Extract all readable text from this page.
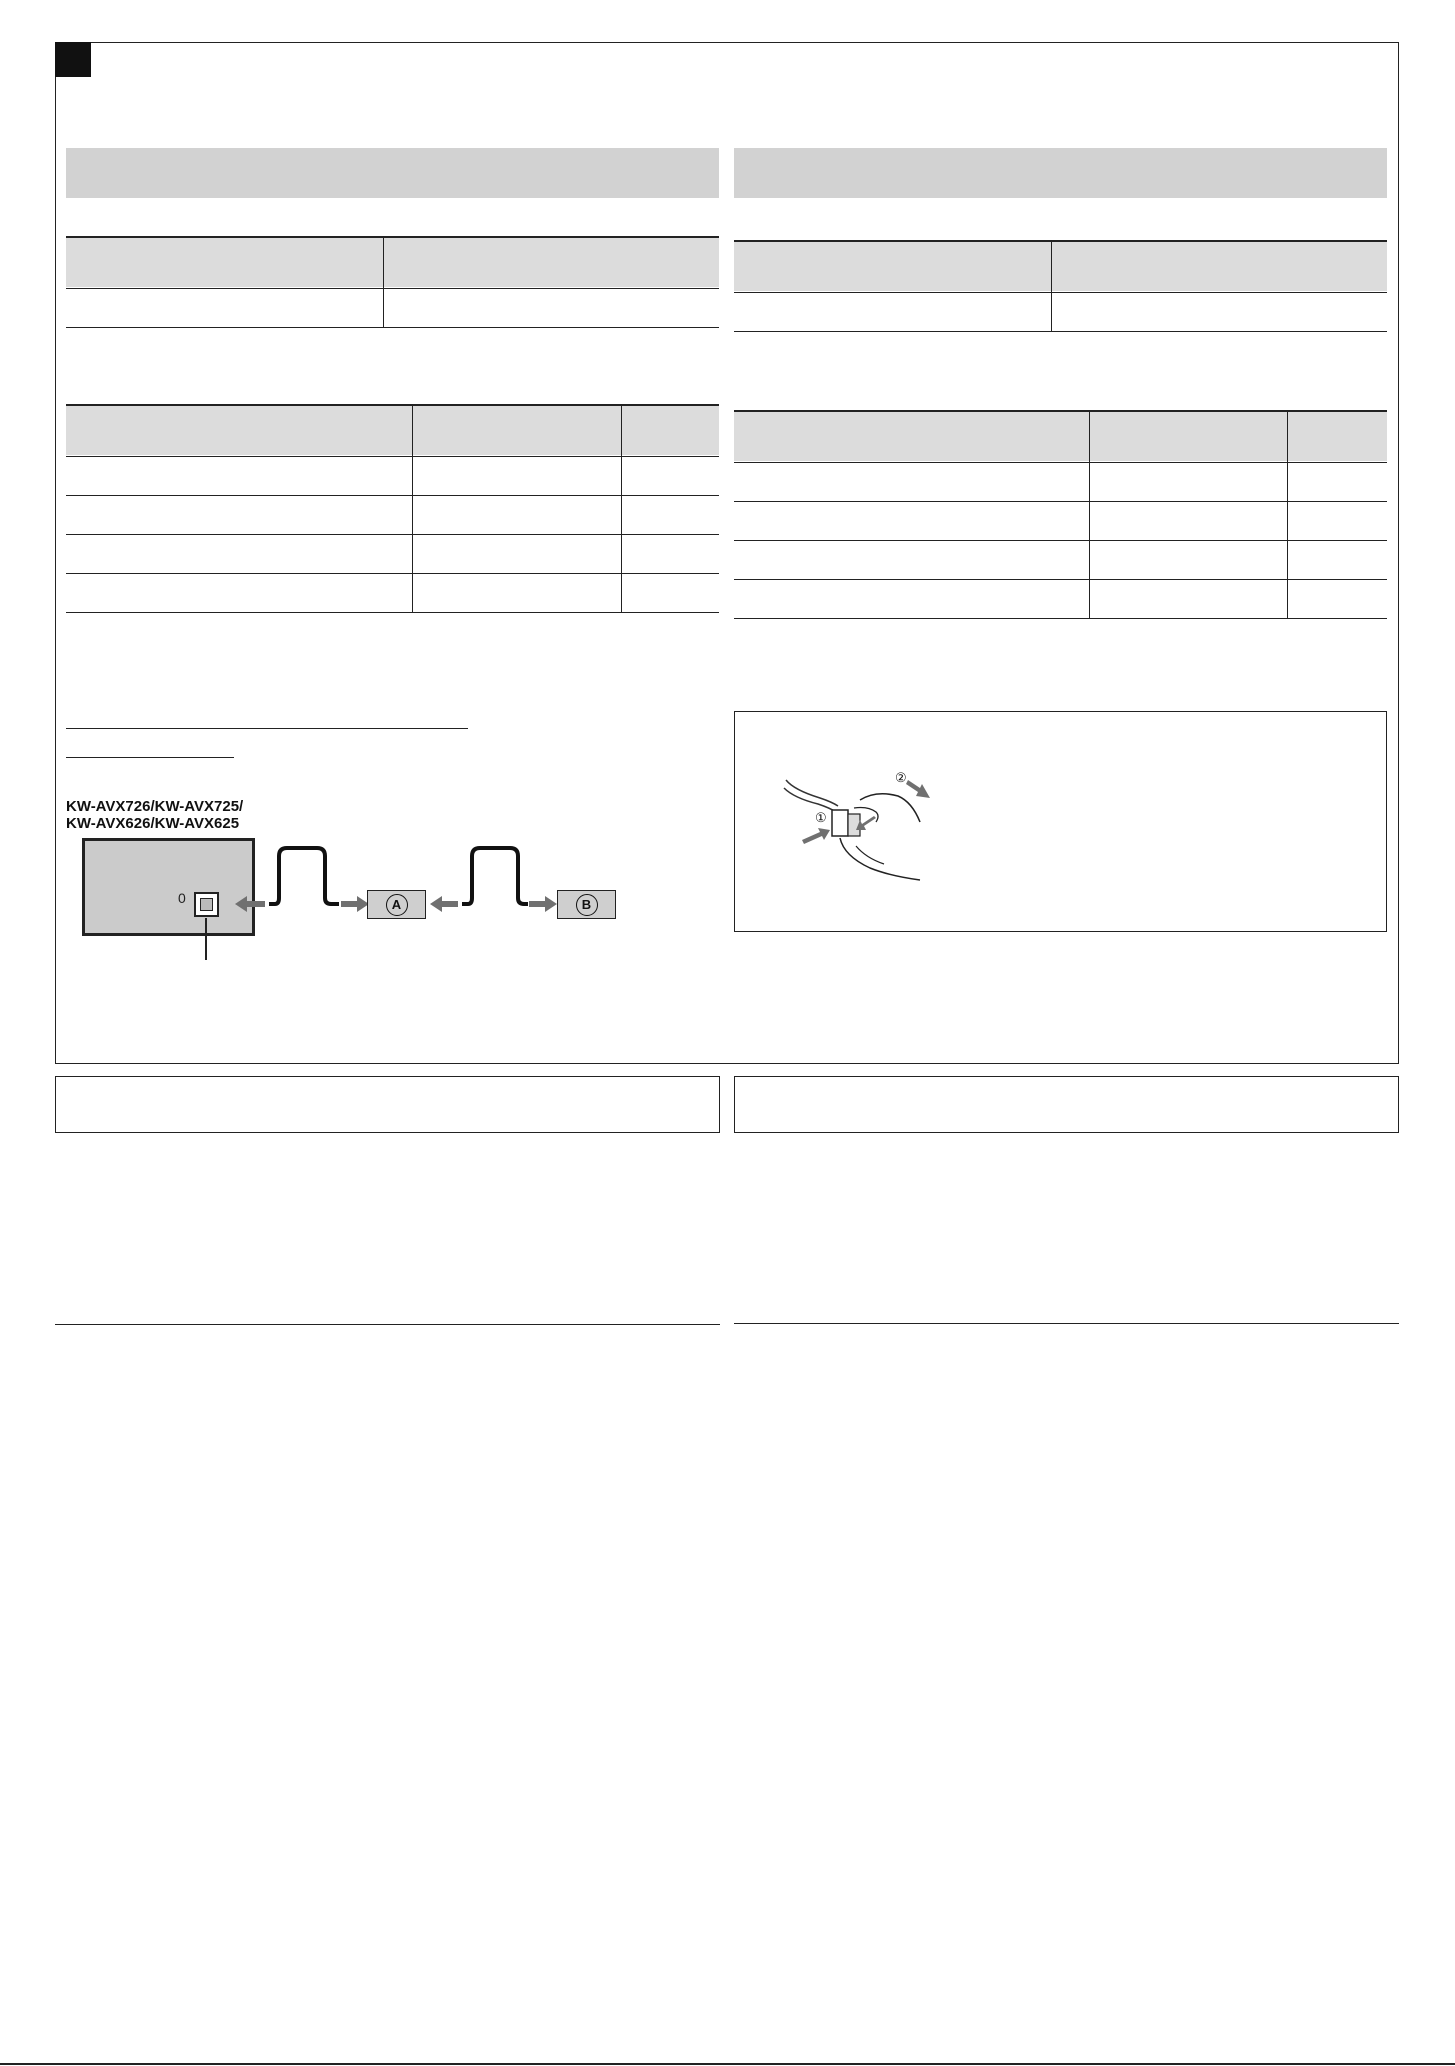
KW-AVX726/KW-AVX725/
KW-AVX626/KW-AVX625
0	A	B
①
②
